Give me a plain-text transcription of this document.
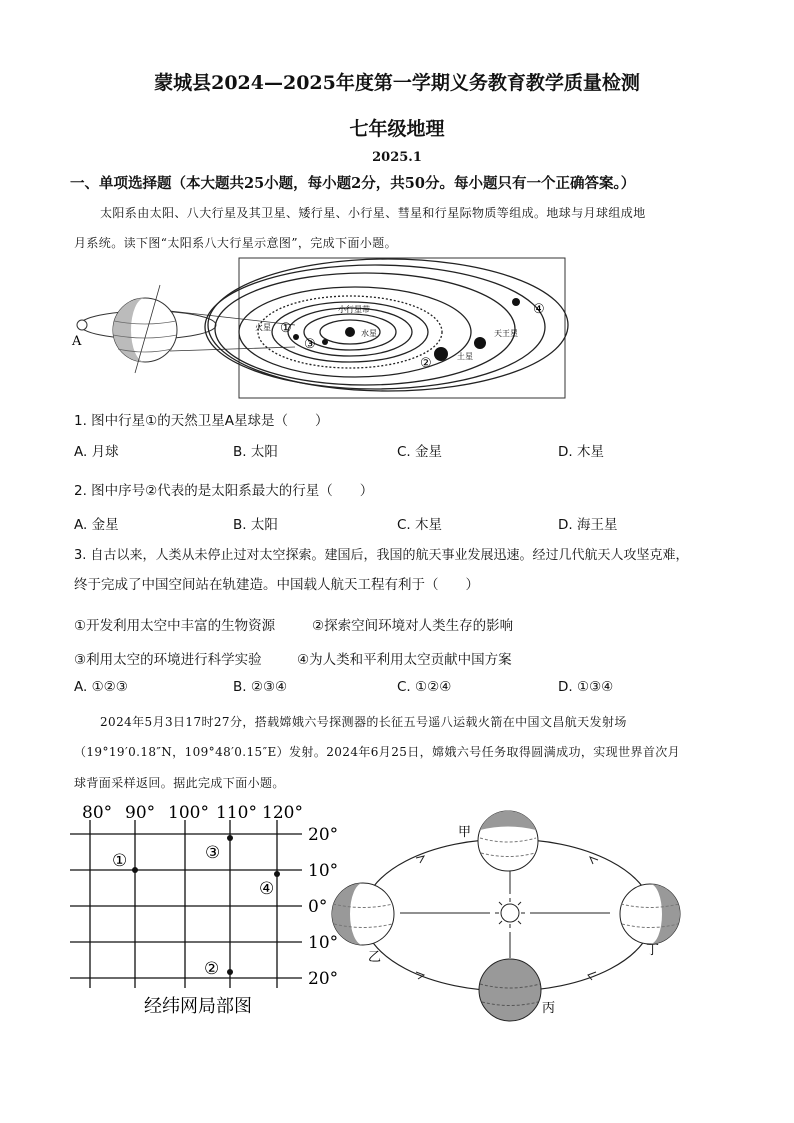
蒙城县2024—2025年度第一学期义务教育教学质量检测
七年级地理
2025.1
一、单项选择题（本大题共25小题，每小题2分，共50分。每小题只有一个正确答案。）
太阳系由太阳、八大行星及其卫星、矮行星、小行星、彗星和行星际物质等组成。地球与月球组成地
月系统。读下图“太阳系八大行星示意图”，完成下面小题。
A
水星
小行星带
火星 ①
③
②
④
土星
天王星
1. 图中行星①的天然卫星A星球是（　　）
A. 月球	B. 太阳	C. 金星	D. 木星
2. 图中序号②代表的是太阳系最大的行星（　　）
A. 金星	B. 太阳	C. 木星	D. 海王星
3. 自古以来，人类从未停止过对太空探索。建国后，我国的航天事业发展迅速。经过几代航天人攻坚克难，
终于完成了中国空间站在轨建造。中国载人航天工程有利于（　　）
①开发利用太空中丰富的生物资源	②探索空间环境对人类生存的影响
③利用太空的环境进行科学实验	④为人类和平利用太空贡献中国方案
A. ①②③	B. ②③④	C. ①②④	D. ①③④
2024年5月3日17时27分，搭载嫦娥六号探测器的长征五号遥八运载火箭在中国文昌航天发射场
（19°19′0.18″N，109°48′0.15″E）发射。2024年6月25日，嫦娥六号任务取得圆满成功，实现世界首次月
球背面采样返回。据此完成下面小题。
80° 90° 100° 110° 120°
20°
10°
0°
10°
20°
①
②
③
④
经纬网局部图
甲
乙
丙
丁
